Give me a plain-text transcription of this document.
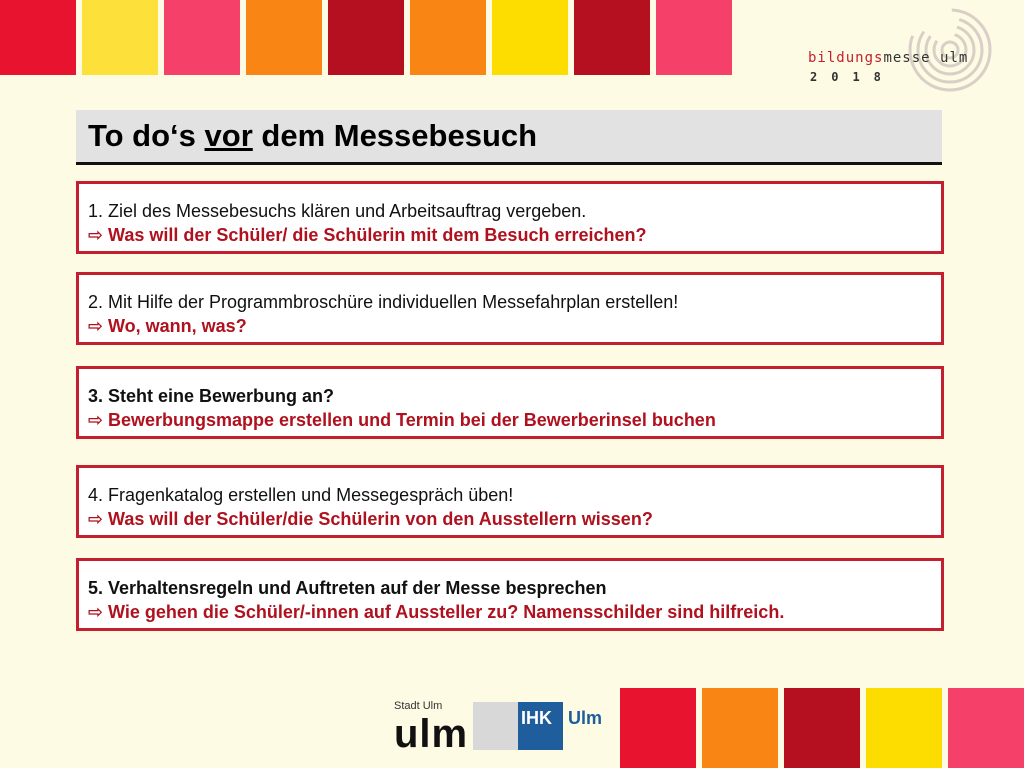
bildungsmesse ulm
2018
To do‘s vor dem Messebesuch
1. Ziel des Messebesuchs klären und Arbeitsauftrag vergeben.
⇨ Was will der Schüler/ die Schülerin mit dem Besuch erreichen?
2. Mit Hilfe der Programmbroschüre individuellen Messefahrplan erstellen!
⇨ Wo, wann, was?
3. Steht eine Bewerbung an?
⇨ Bewerbungsmappe erstellen und Termin bei der Bewerberinsel buchen
4. Fragenkatalog erstellen und Messegespräch üben!
⇨ Was will der Schüler/die Schülerin von den Ausstellern wissen?
5. Verhaltensregeln und Auftreten auf der Messe besprechen
⇨ Wie gehen die Schüler/-innen auf Aussteller zu? Namensschilder sind hilfreich.
Stadt Ulm
ulm	IHK Ulm
